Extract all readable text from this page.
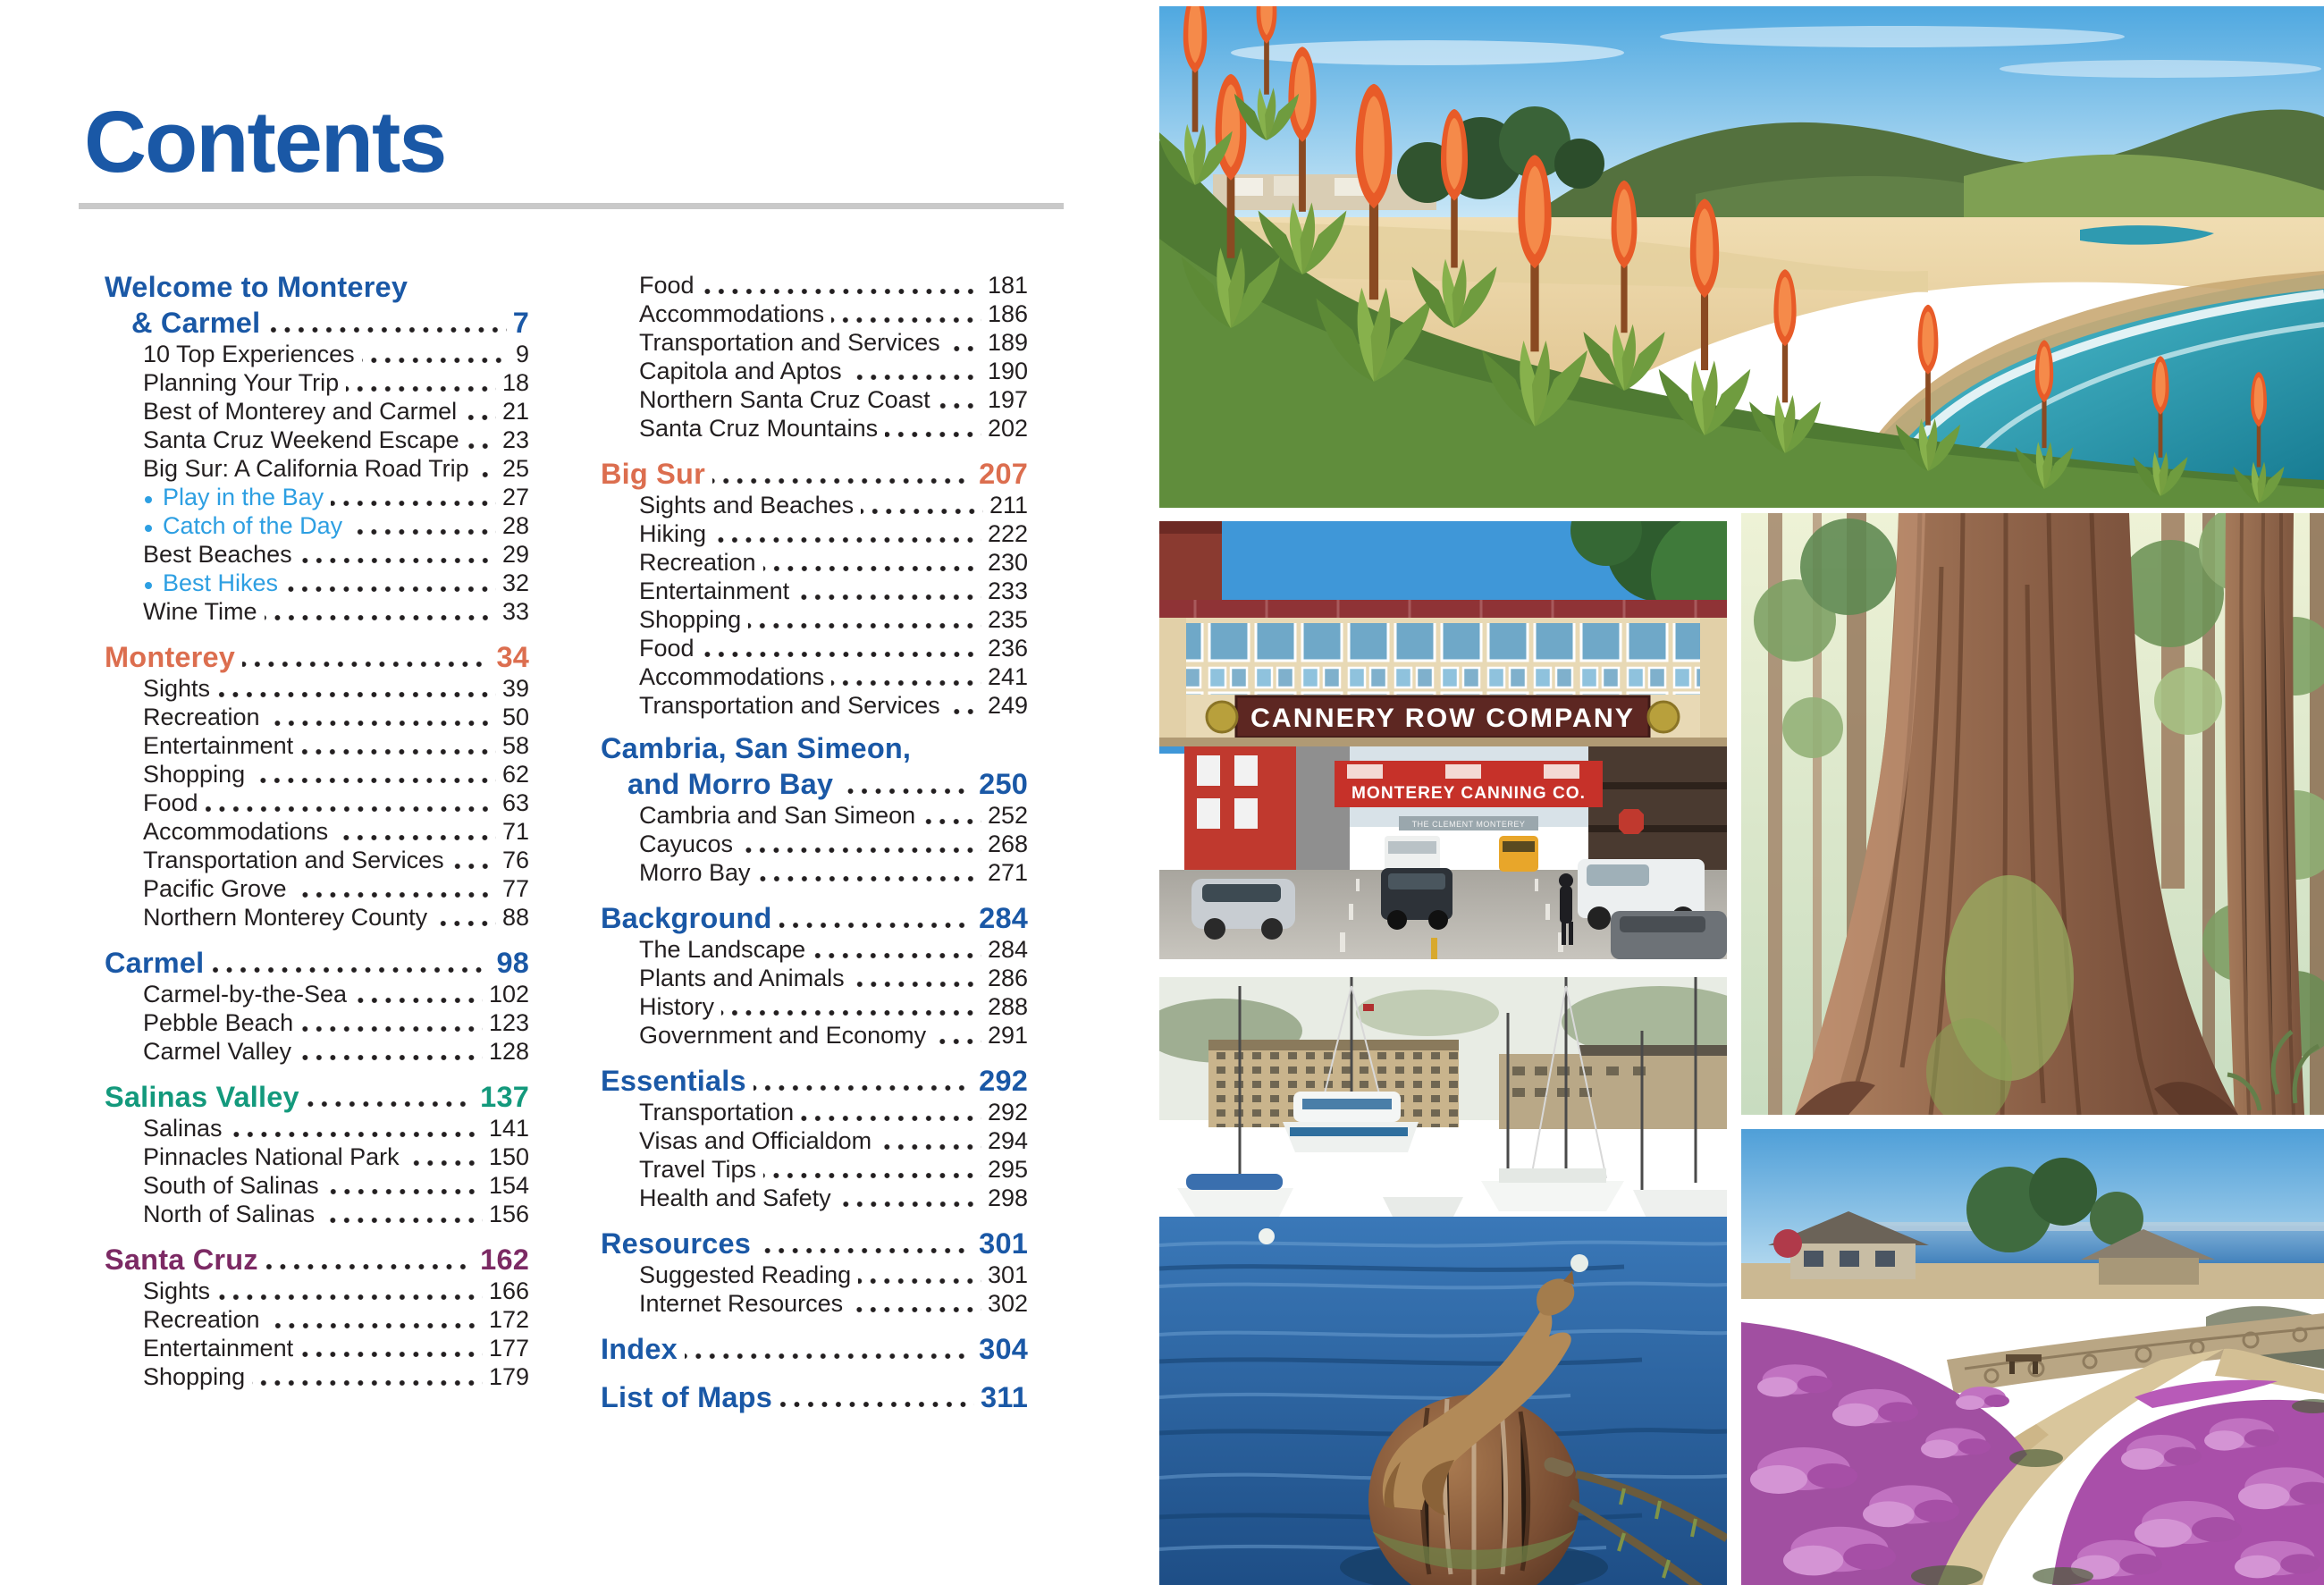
Contents
Welcome to Monterey
& Carmel	7
10 Top Experiences	9
Planning Your Trip	18
Best of Monterey and Carmel 21
Santa Cruz Weekend Escape 23
Big Sur: A California Road Trip 25
Play in the Bay	27
Catch of the Day	28
Best Beaches	29
Best Hikes	32
Wine Time	33
Monterey	34
Sights	39
Recreation	50
Entertainment	58
Shopping	62
Food	63
Accommodations	71
Transportation and Services 76
Pacific Grove	77
Northern Monterey County	88
Carmel	98
Carmel-by-the-Sea	102
Pebble Beach	123
Carmel Valley	128
Salinas Valley	137
Salinas	141
Pinnacles National Park	150
South of Salinas	154
North of Salinas	156
Santa Cruz	162
Sights	166
Recreation	172
Entertainment	177
Shopping	179
Food	181
Accommodations	186
Transportation and Services 189
Capitola and Aptos	190
Northern Santa Cruz Coast 197
Santa Cruz Mountains	202
Big Sur	207
Sights and Beaches	211
Hiking	222
Recreation	230
Entertainment	233
Shopping	235
Food	236
Accommodations	241
Transportation and Services 249
Cambria, San Simeon,
and Morro Bay	250
Cambria and San Simeon	252
Cayucos	268
Morro Bay	271
Background	284
The Landscape	284
Plants and Animals	286
History	288
Government and Economy	291
Essentials	292
Transportation	292
Visas and Officialdom	294
Travel Tips	295
Health and Safety	298
Resources	301
Suggested Reading	301
Internet Resources	302
Index	304
List of Maps	311
CANNERY ROW COMPANY
MONTEREY CANNING CO.
THE CLEMENT MONTEREY
